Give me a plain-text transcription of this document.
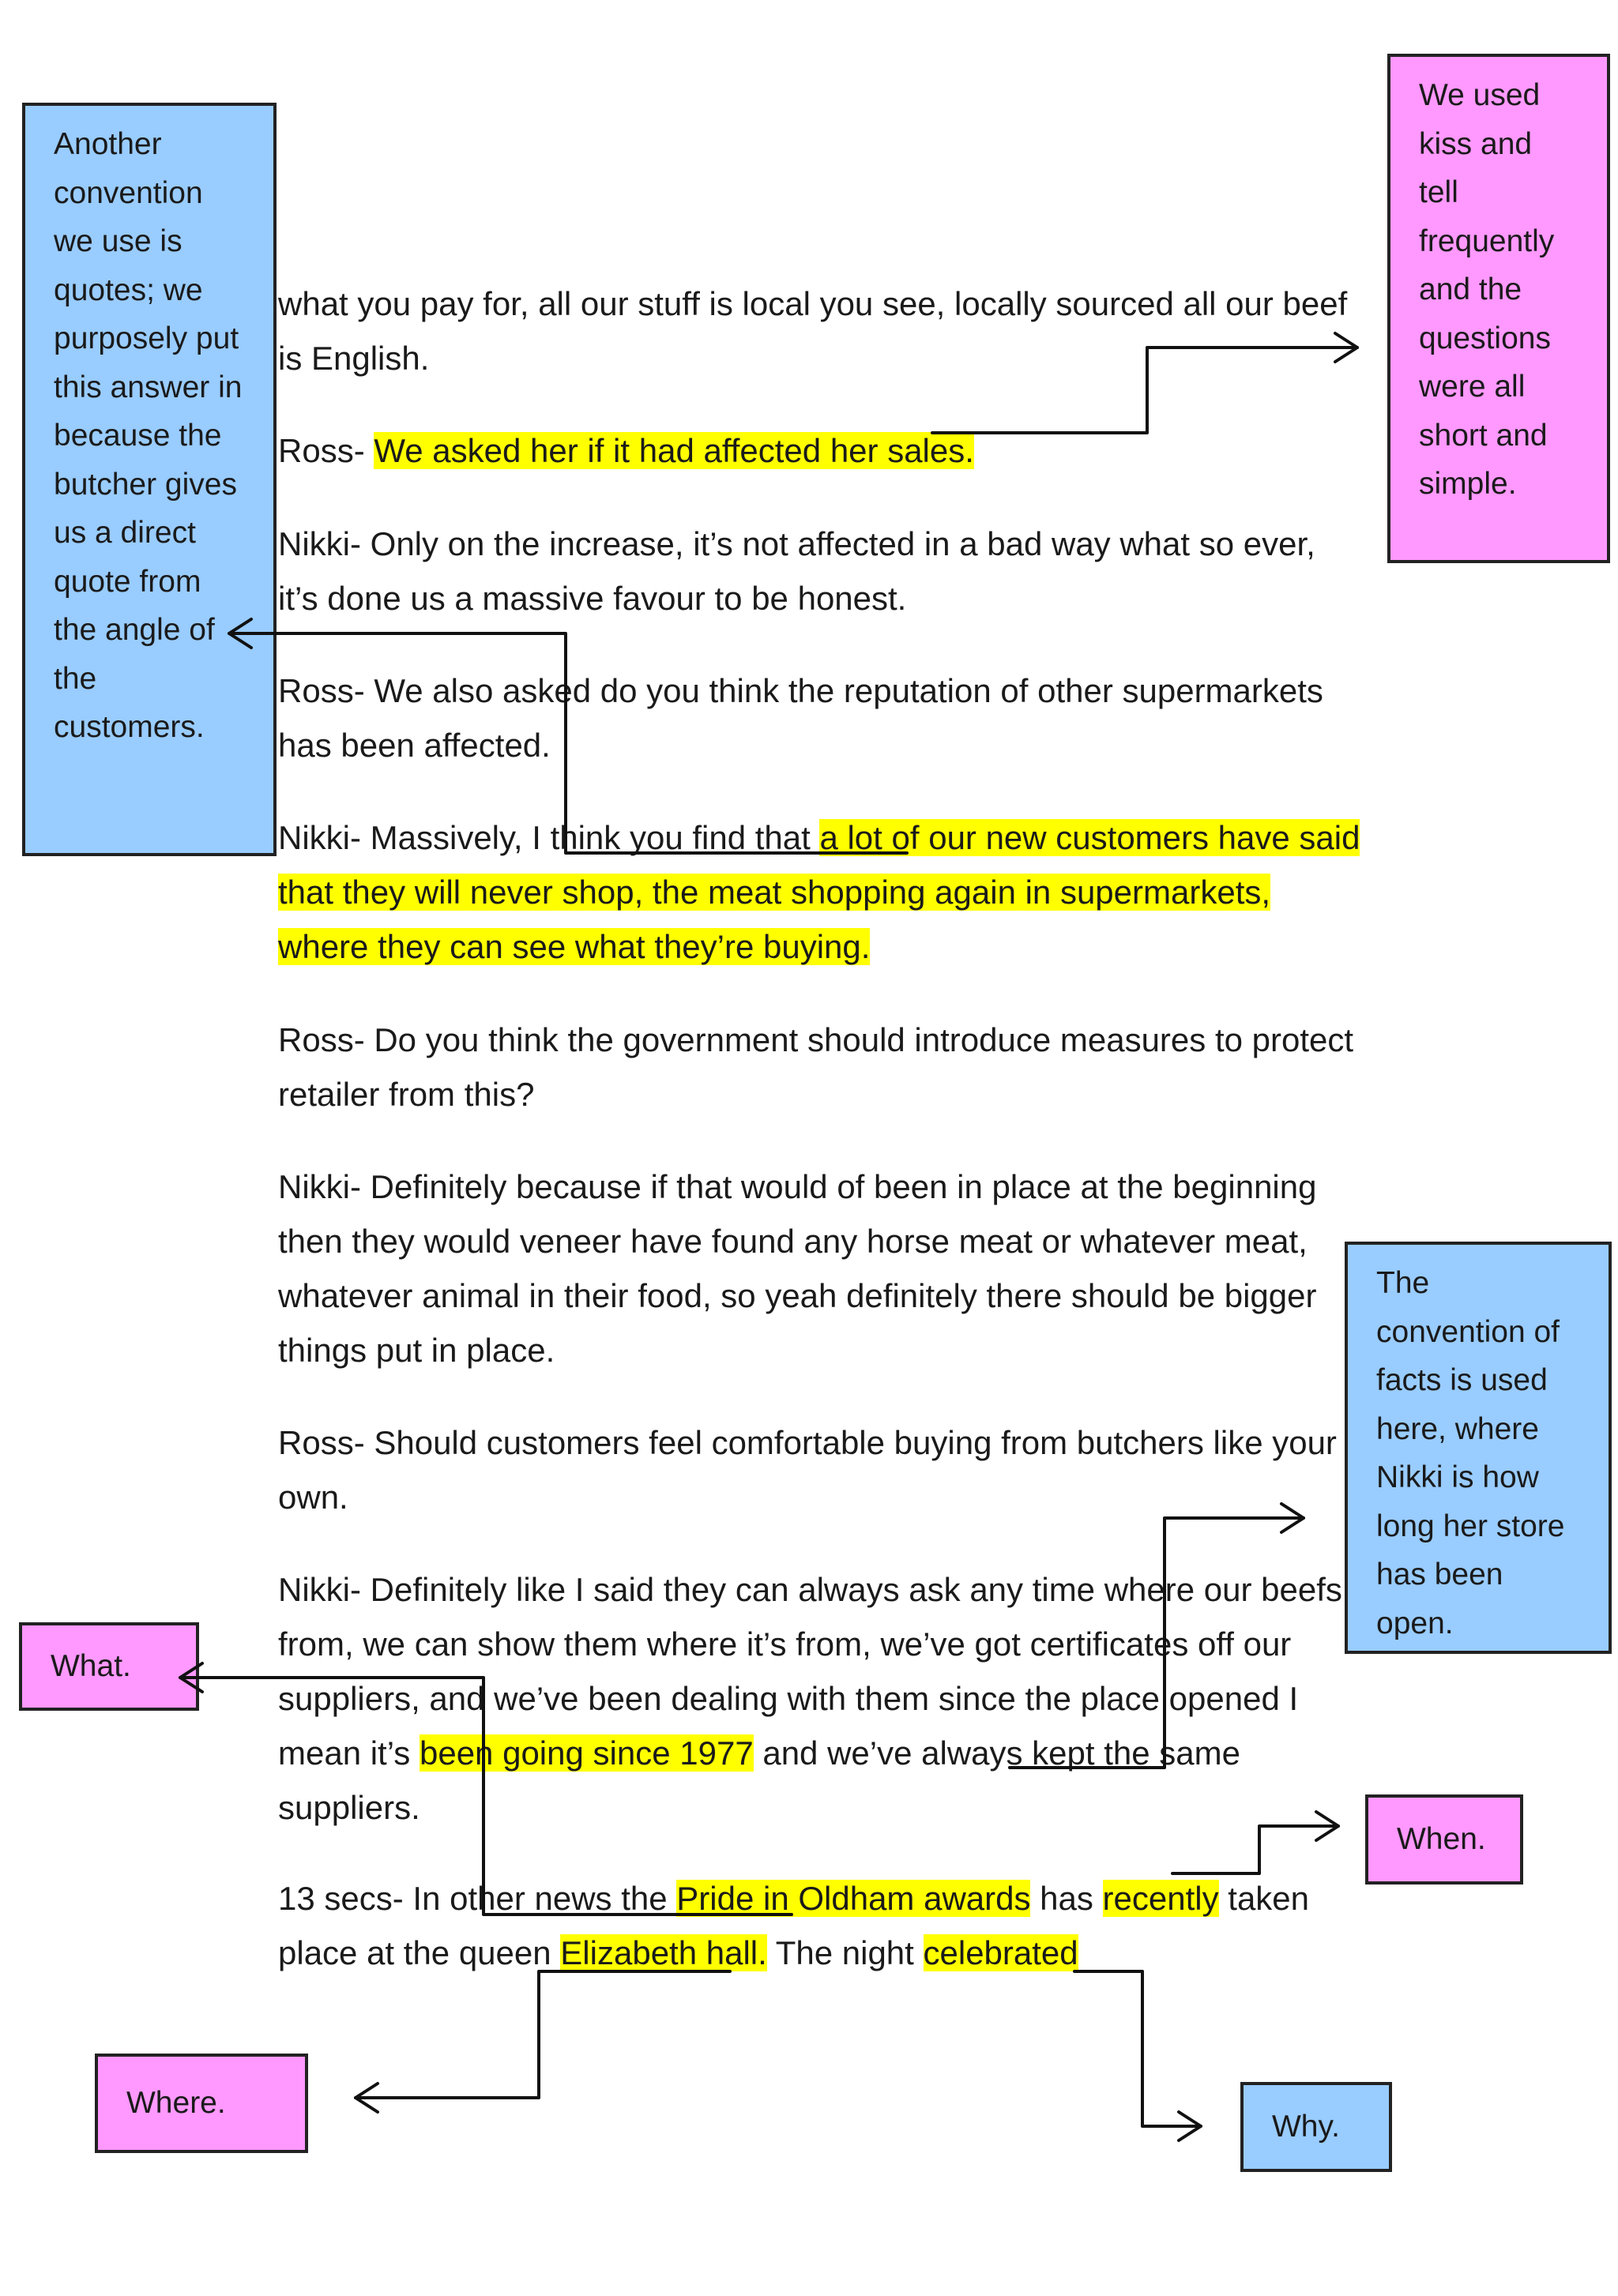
what you pay for, all our stuff is local you see, locally sourced all our beef is English.

Ross- We asked her if it had affected her sales.

Nikki- Only on the increase, it’s not affected in a bad way what so ever, it’s done us a massive favour to be honest.

Ross- We also asked do you think the reputation of other supermarkets has been affected.

Nikki- Massively, I think you find that a lot of our new customers have said that they will never shop, the meat shopping again in supermarkets, where they can see what they’re buying.

Ross- Do you think the government should introduce measures to protect retailer from this?

Nikki- Definitely because if that would of been in place at the beginning then they would veneer have found any horse meat or whatever meat, whatever animal in their food, so yeah definitely there should be bigger things put in place.

Ross- Should customers feel comfortable buying from butchers like your own.

Nikki- Definitely like I said they can always ask any time where our beefs from, we can show them where it’s from, we’ve got certificates off our suppliers, and we’ve been dealing with them since the place opened I mean it’s been going since 1977 and we’ve always kept the same suppliers.

13 secs- In other news the Pride in Oldham awards has recently taken place at the queen Elizabeth hall. The night celebrated

Another convention we use is quotes; we purposely put this answer in because the butcher gives us a direct quote from the angle of the customers.
We used kiss and tell frequently and the questions were all short and simple.
The convention of facts is used here, where Nikki is how long her store has been open.
What.
When.
Where.
Why.
